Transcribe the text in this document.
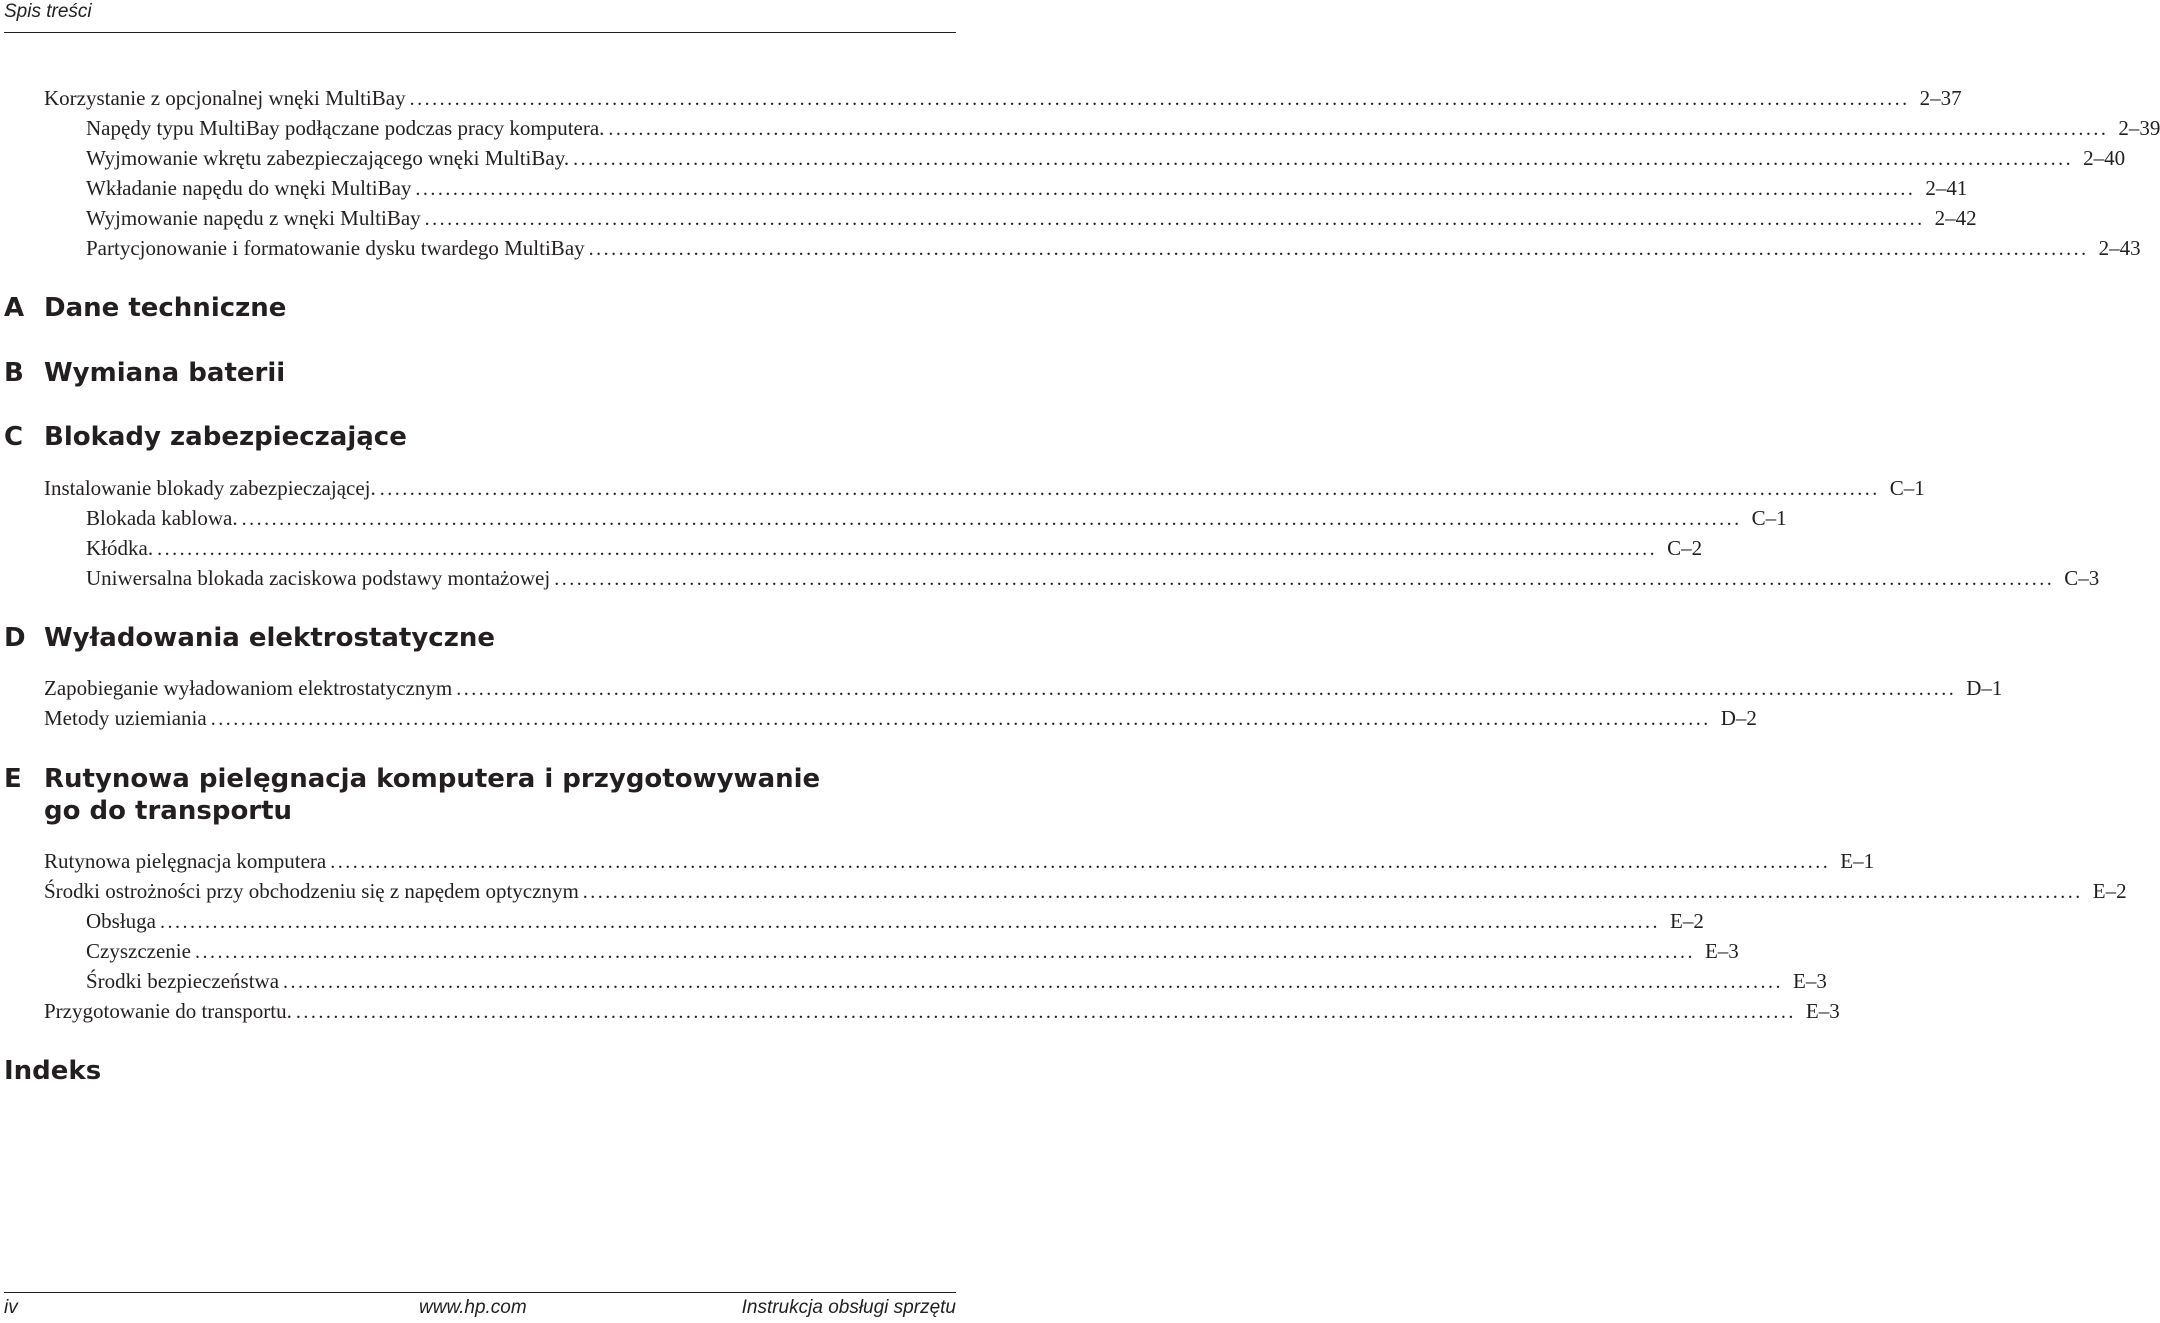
Spis treści
Korzystanie z opcjonalnej wnęki MultiBay ........................................................................................................................................................................................................ 2–37
Napędy typu MultiBay podłączane podczas pracy komputera. ........................................................................................................................................................................................................ 2–39
Wyjmowanie wkrętu zabezpieczającego wnęki MultiBay. ........................................................................................................................................................................................................ 2–40
Wkładanie napędu do wnęki MultiBay ........................................................................................................................................................................................................ 2–41
Wyjmowanie napędu z wnęki MultiBay ........................................................................................................................................................................................................ 2–42
Partycjonowanie i formatowanie dysku twardego MultiBay ........................................................................................................................................................................................................ 2–43
A Dane techniczne
B Wymiana baterii
C Blokady zabezpieczające
Instalowanie blokady zabezpieczającej. ........................................................................................................................................................................................................ C–1
Blokada kablowa. ........................................................................................................................................................................................................ C–1
Kłódka. ........................................................................................................................................................................................................ C–2
Uniwersalna blokada zaciskowa podstawy montażowej ........................................................................................................................................................................................................ C–3
D Wyładowania elektrostatyczne
Zapobieganie wyładowaniom elektrostatycznym ........................................................................................................................................................................................................ D–1
Metody uziemiania ........................................................................................................................................................................................................ D–2
E Rutynowa pielęgnacja komputera i przygotowywanie
go do transportu
Rutynowa pielęgnacja komputera ........................................................................................................................................................................................................ E–1
Środki ostrożności przy obchodzeniu się z napędem optycznym ........................................................................................................................................................................................................ E–2
Obsługa ........................................................................................................................................................................................................ E–2
Czyszczenie ........................................................................................................................................................................................................ E–3
Środki bezpieczeństwa ........................................................................................................................................................................................................ E–3
Przygotowanie do transportu. ........................................................................................................................................................................................................ E–3
Indeks
iv	www.hp.com	Instrukcja obsługi sprzętu
